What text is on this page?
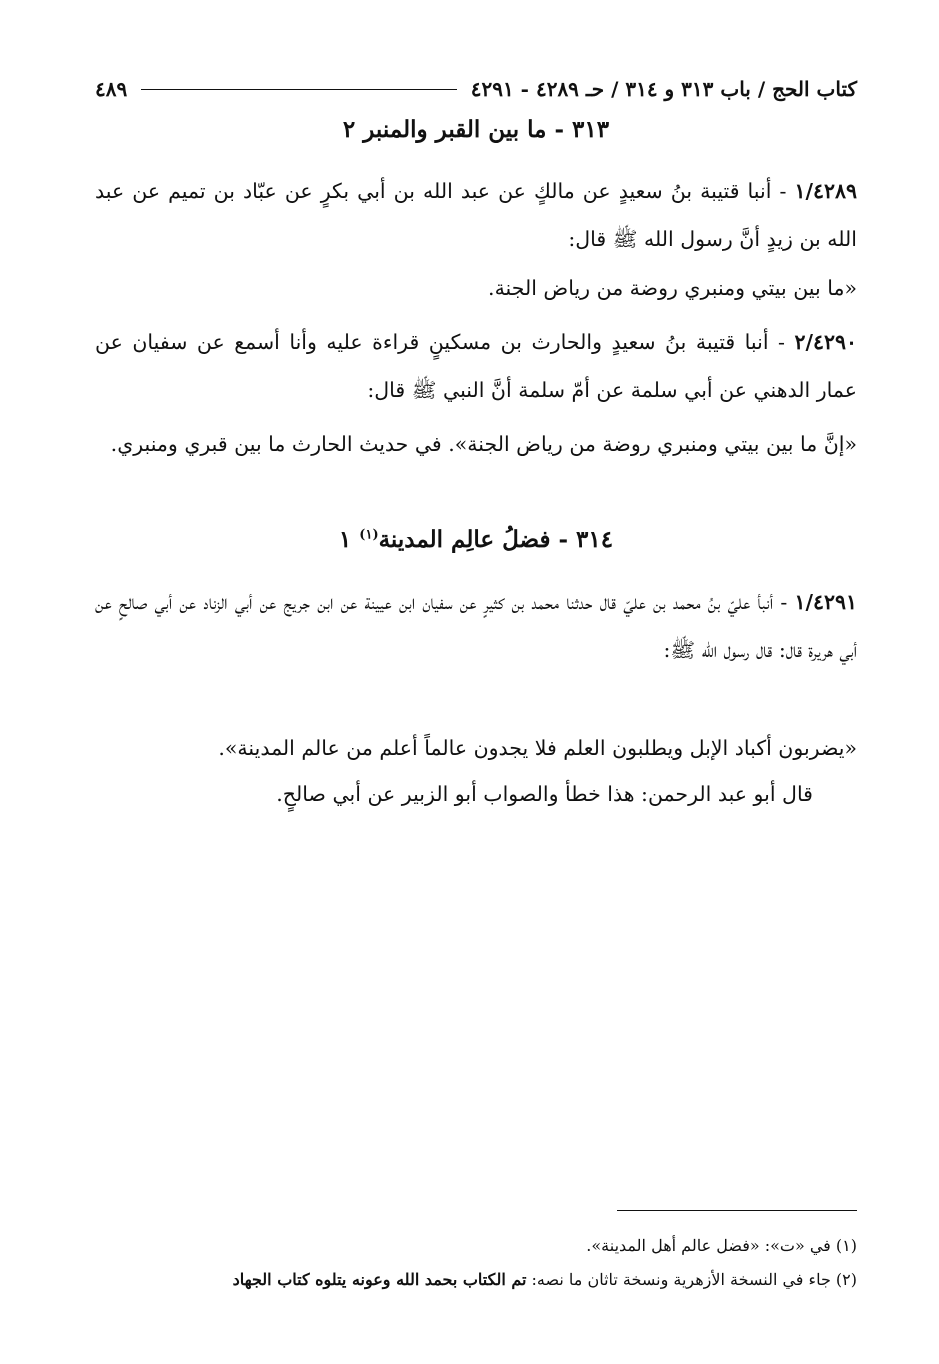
كتاب الحج / باب ٣١٣ و ٣١٤ / حـ ٤٢٨٩ - ٤٢٩١
٤٨٩
٣١٣ - ما بين القبر والمنبر ٢
١/٤٢٨٩ - أنبا قتيبة بنُ سعيدٍ عن مالكٍ عن عبد الله بن أبي بكرٍ عن عبّاد بن تميم عن عبد الله بن زيدٍ أنَّ رسول الله ﷺ قال:
«ما بين بيتي ومنبري روضة من رياض الجنة.
٢/٤٢٩٠ - أنبا قتيبة بنُ سعيدٍ والحارث بن مسكينٍ قراءة عليه وأنا أسمع عن سفيان عن عمار الدهني عن أبي سلمة عن أمّ سلمة أنَّ النبي ﷺ قال:
«إنَّ ما بين بيتي ومنبري روضة من رياض الجنة». في حديث الحارث ما بين قبري ومنبري.
٣١٤ - فضلُ عالِم المدينة$^{(١)}$ ١
١/٤٢٩١ - أنبأ عليّ بنُ محمد بن عليّ قال حدثنا محمد بن كثيرٍ عن سفيان ابن عيينة عن ابن جريج عن أبي الزناد عن أبي صالحٍ عن أبي هريرة قال: قال رسول الله ﷺ:
«يضربون أكباد الإبل ويطلبون العلم فلا يجدون عالماً أعلم من عالم المدينة».
قال أبو عبد الرحمن: هذا خطأ والصواب أبو الزبير عن أبي صالحٍ.
(١) في «ت»: «فضل عالم أهل المدينة».
(٢) جاء في النسخة الأزهرية ونسخة تاثان ما نصه: تم الكتاب بحمد الله وعونه يتلوه كتاب الجهاد
